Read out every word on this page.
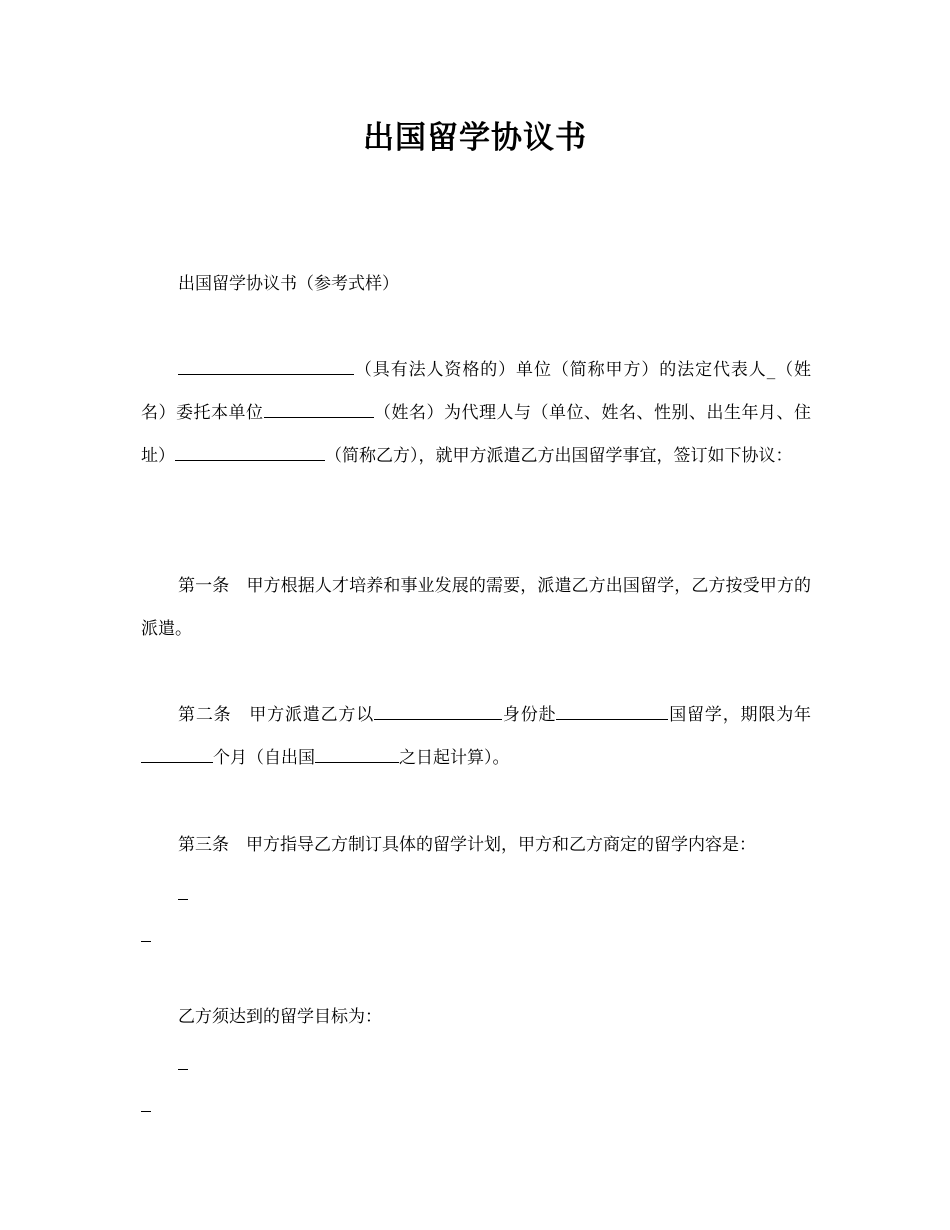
出国留学协议书

出国留学协议书（参考式样）

（具有法人资格的）单位（简称甲方）的法定代表人_（姓名）委托本单位	（姓名）为代理人与（单位、姓名、性别、出生年月、住址）	（简称乙方），就甲方派遣乙方出国留学事宜，签订如下协议：

第一条　甲方根据人才培养和事业发展的需要，派遣乙方出国留学，乙方按受甲方的派遣。

第二条　甲方派遣乙方以	身份赴	国留学，期限为年个月（自出国	之日起计算）。

第三条　甲方指导乙方制订具体的留学计划，甲方和乙方商定的留学内容是：

乙方须达到的留学目标为：
